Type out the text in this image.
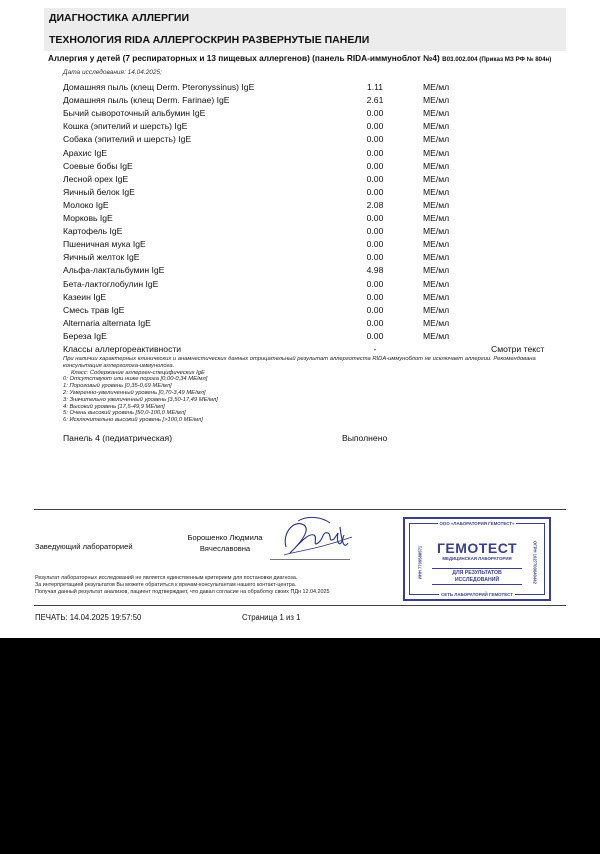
ДИАГНОСТИКА АЛЛЕРГИИ
ТЕХНОЛОГИЯ RIDA АЛЛЕРГОСКРИН РАЗВЕРНУТЫЕ ПАНЕЛИ
Аллергия у детей (7 респираторных и 13 пищевых аллергенов) (панель RIDA-иммуноблот №4) В03.002.004 (Приказ МЗ РФ № 804н)
Дата исследования: 14.04.2025;
Домашняя пыль (клещ Derm. Pteronyssinus) IgE	1.11	МЕ/мл
Домашняя пыль (клещ Derm. Farinae) IgE	2.61	МЕ/мл
Бычий сывороточный альбумин IgE	0.00	МЕ/мл
Кошка (эпителий и шерсть) IgE	0.00	МЕ/мл
Собака (эпителий и шерсть) IgE	0.00	МЕ/мл
Арахис IgE	0.00	МЕ/мл
Соевые бобы IgE	0.00	МЕ/мл
Лесной орех IgE	0.00	МЕ/мл
Яичный белок IgE	0.00	МЕ/мл
Молоко IgE	2.08	МЕ/мл
Морковь IgE	0.00	МЕ/мл
Картофель IgE	0.00	МЕ/мл
Пшеничная мука IgE	0.00	МЕ/мл
Яичный желток IgE	0.00	МЕ/мл
Альфа-лактальбумин IgE	4.98	МЕ/мл
Бета-лактоглобулин IgE	0.00	МЕ/мл
Казеин IgE	0.00	МЕ/мл
Смесь трав IgE	0.00	МЕ/мл
Alternaria alternata IgE	0.00	МЕ/мл
Береза IgE	0.00	МЕ/мл
Классы аллергореактивности	-	Смотри текст
При наличии характерных клинических и анамнестических данных отрицательный результат аллерготеста RIDA-иммуноблот не исключает аллергии. Рекомендована консультация аллерголога-иммунолога.
Класс: Содержание аллерген-специфических IgE
0: Отсутствуют или ниже порога [0,00-0,34 МЕ/мл]
1: Пороговый уровень [0,35-0,69 МЕ/мл]
2: Умеренно-увеличенный уровень [0,70-3,49 МЕ/мл]
3: Значительно увеличенный уровень [3,50-17,49 МЕ/мл]
4: Высокий уровень [17,5-49,9 МЕ/мл]
5: Очень высокий уровень [50,0-100,0 МЕ/мл]
6: Исключительно высокий уровень [>100,0 МЕ/мл]
Панель 4 (педиатрическая)	Выполнено
Заведующий лабораторией
Борошенко Людмила
Вячеславовна
ООО «ЛАБОРАТОРИЯ ГЕМОТЕСТ»
ГЕМОТЕСТ
МЕДИЦИНСКАЯ ЛАБОРАТОРИЯ
ДЛЯ РЕЗУЛЬТАТОВ
ИССЛЕДОВАНИЙ
ИНН 7709588571	ОГРН 1027700040442
СЕТЬ ЛАБОРАТОРИЙ ГЕМОТЕСТ
Результат лабораторных исследований не является единственным критерием для постановки диагноза.
За интерпретацией результатов Вы можете обратиться к врачам-консультантам нашего контакт-центра.
Получая данный результат анализов, пациент подтверждает, что давал согласие на обработку своих ПДн 12.04.2025
ПЕЧАТЬ: 14.04.2025 19:57:50	Страница 1 из 1
